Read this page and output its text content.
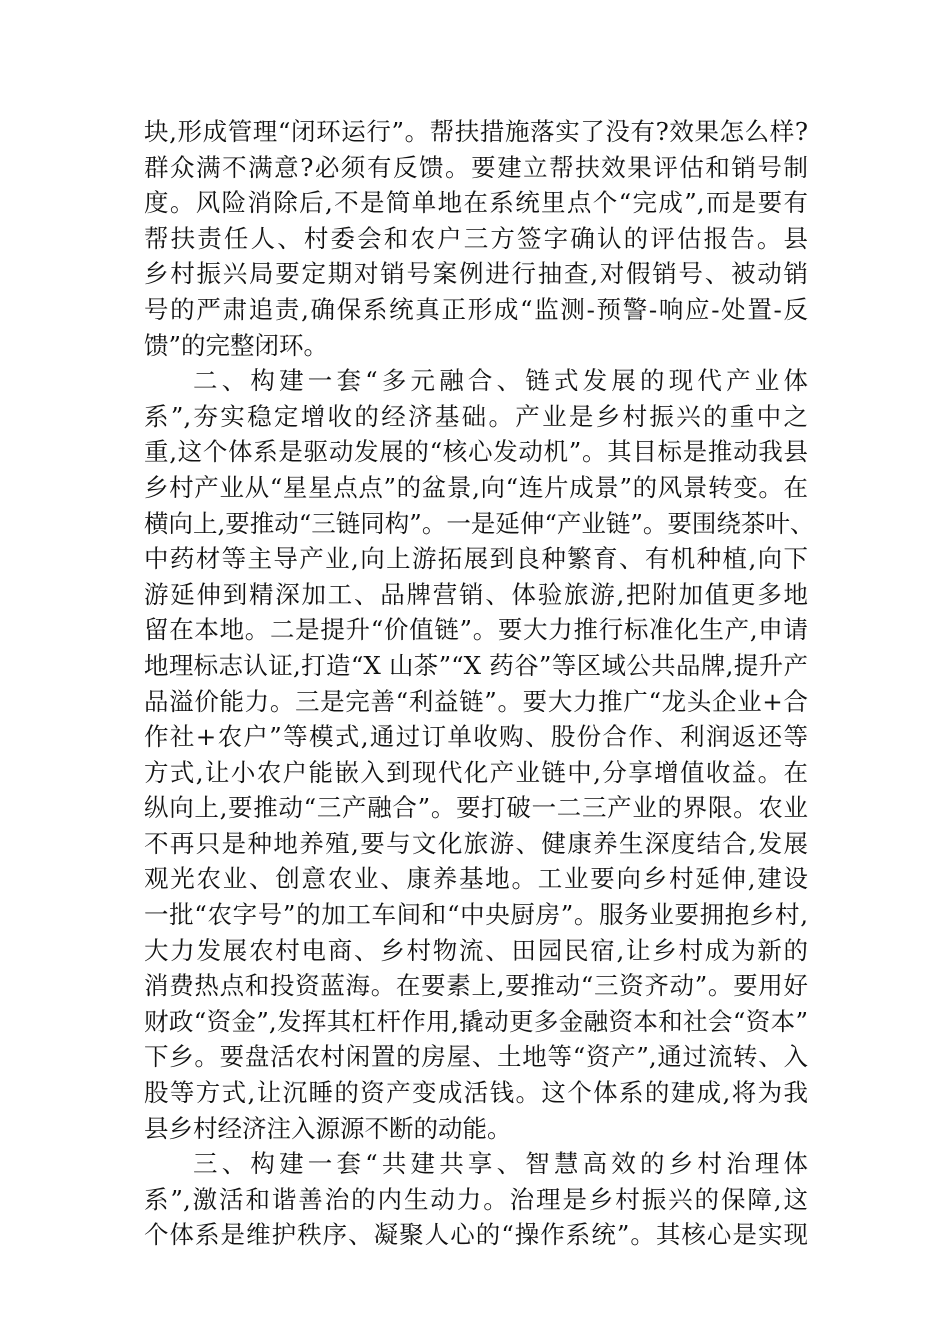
块,形成管理“闭环运行”。帮扶措施落实了没有?效果怎么样?
群众满不满意?必须有反馈。要建立帮扶效果评估和销号制
度。风险消除后,不是简单地在系统里点个“完成”,而是要有
帮扶责任人、村委会和农户三方签字确认的评估报告。县
乡村振兴局要定期对销号案例进行抽查,对假销号、被动销
号的严肃追责,确保系统真正形成“监测-预警-响应-处置-反
馈”的完整闭环。
二、构建一套“多元融合、链式发展的现代产业体
系”,夯实稳定增收的经济基础。产业是乡村振兴的重中之
重,这个体系是驱动发展的“核心发动机”。其目标是推动我县
乡村产业从“星星点点”的盆景,向“连片成景”的风景转变。在
横向上,要推动“三链同构”。一是延伸“产业链”。要围绕茶叶、
中药材等主导产业,向上游拓展到良种繁育、有机种植,向下
游延伸到精深加工、品牌营销、体验旅游,把附加值更多地
留在本地。二是提升“价值链”。要大力推行标准化生产,申请
地理标志认证,打造“X 山茶”“X 药谷”等区域公共品牌,提升产
品溢价能力。三是完善“利益链”。要大力推广“龙头企业+合
作社+农户”等模式,通过订单收购、股份合作、利润返还等
方式,让小农户能嵌入到现代化产业链中,分享增值收益。在
纵向上,要推动“三产融合”。要打破一二三产业的界限。农业
不再只是种地养殖,要与文化旅游、健康养生深度结合,发展
观光农业、创意农业、康养基地。工业要向乡村延伸,建设
一批“农字号”的加工车间和“中央厨房”。服务业要拥抱乡村,
大力发展农村电商、乡村物流、田园民宿,让乡村成为新的
消费热点和投资蓝海。在要素上,要推动“三资齐动”。要用好
财政“资金”,发挥其杠杆作用,撬动更多金融资本和社会“资本”
下乡。要盘活农村闲置的房屋、土地等“资产”,通过流转、入
股等方式,让沉睡的资产变成活钱。这个体系的建成,将为我
县乡村经济注入源源不断的动能。
三、构建一套“共建共享、智慧高效的乡村治理体
系”,激活和谐善治的内生动力。治理是乡村振兴的保障,这
个体系是维护秩序、凝聚人心的“操作系统”。其核心是实现
